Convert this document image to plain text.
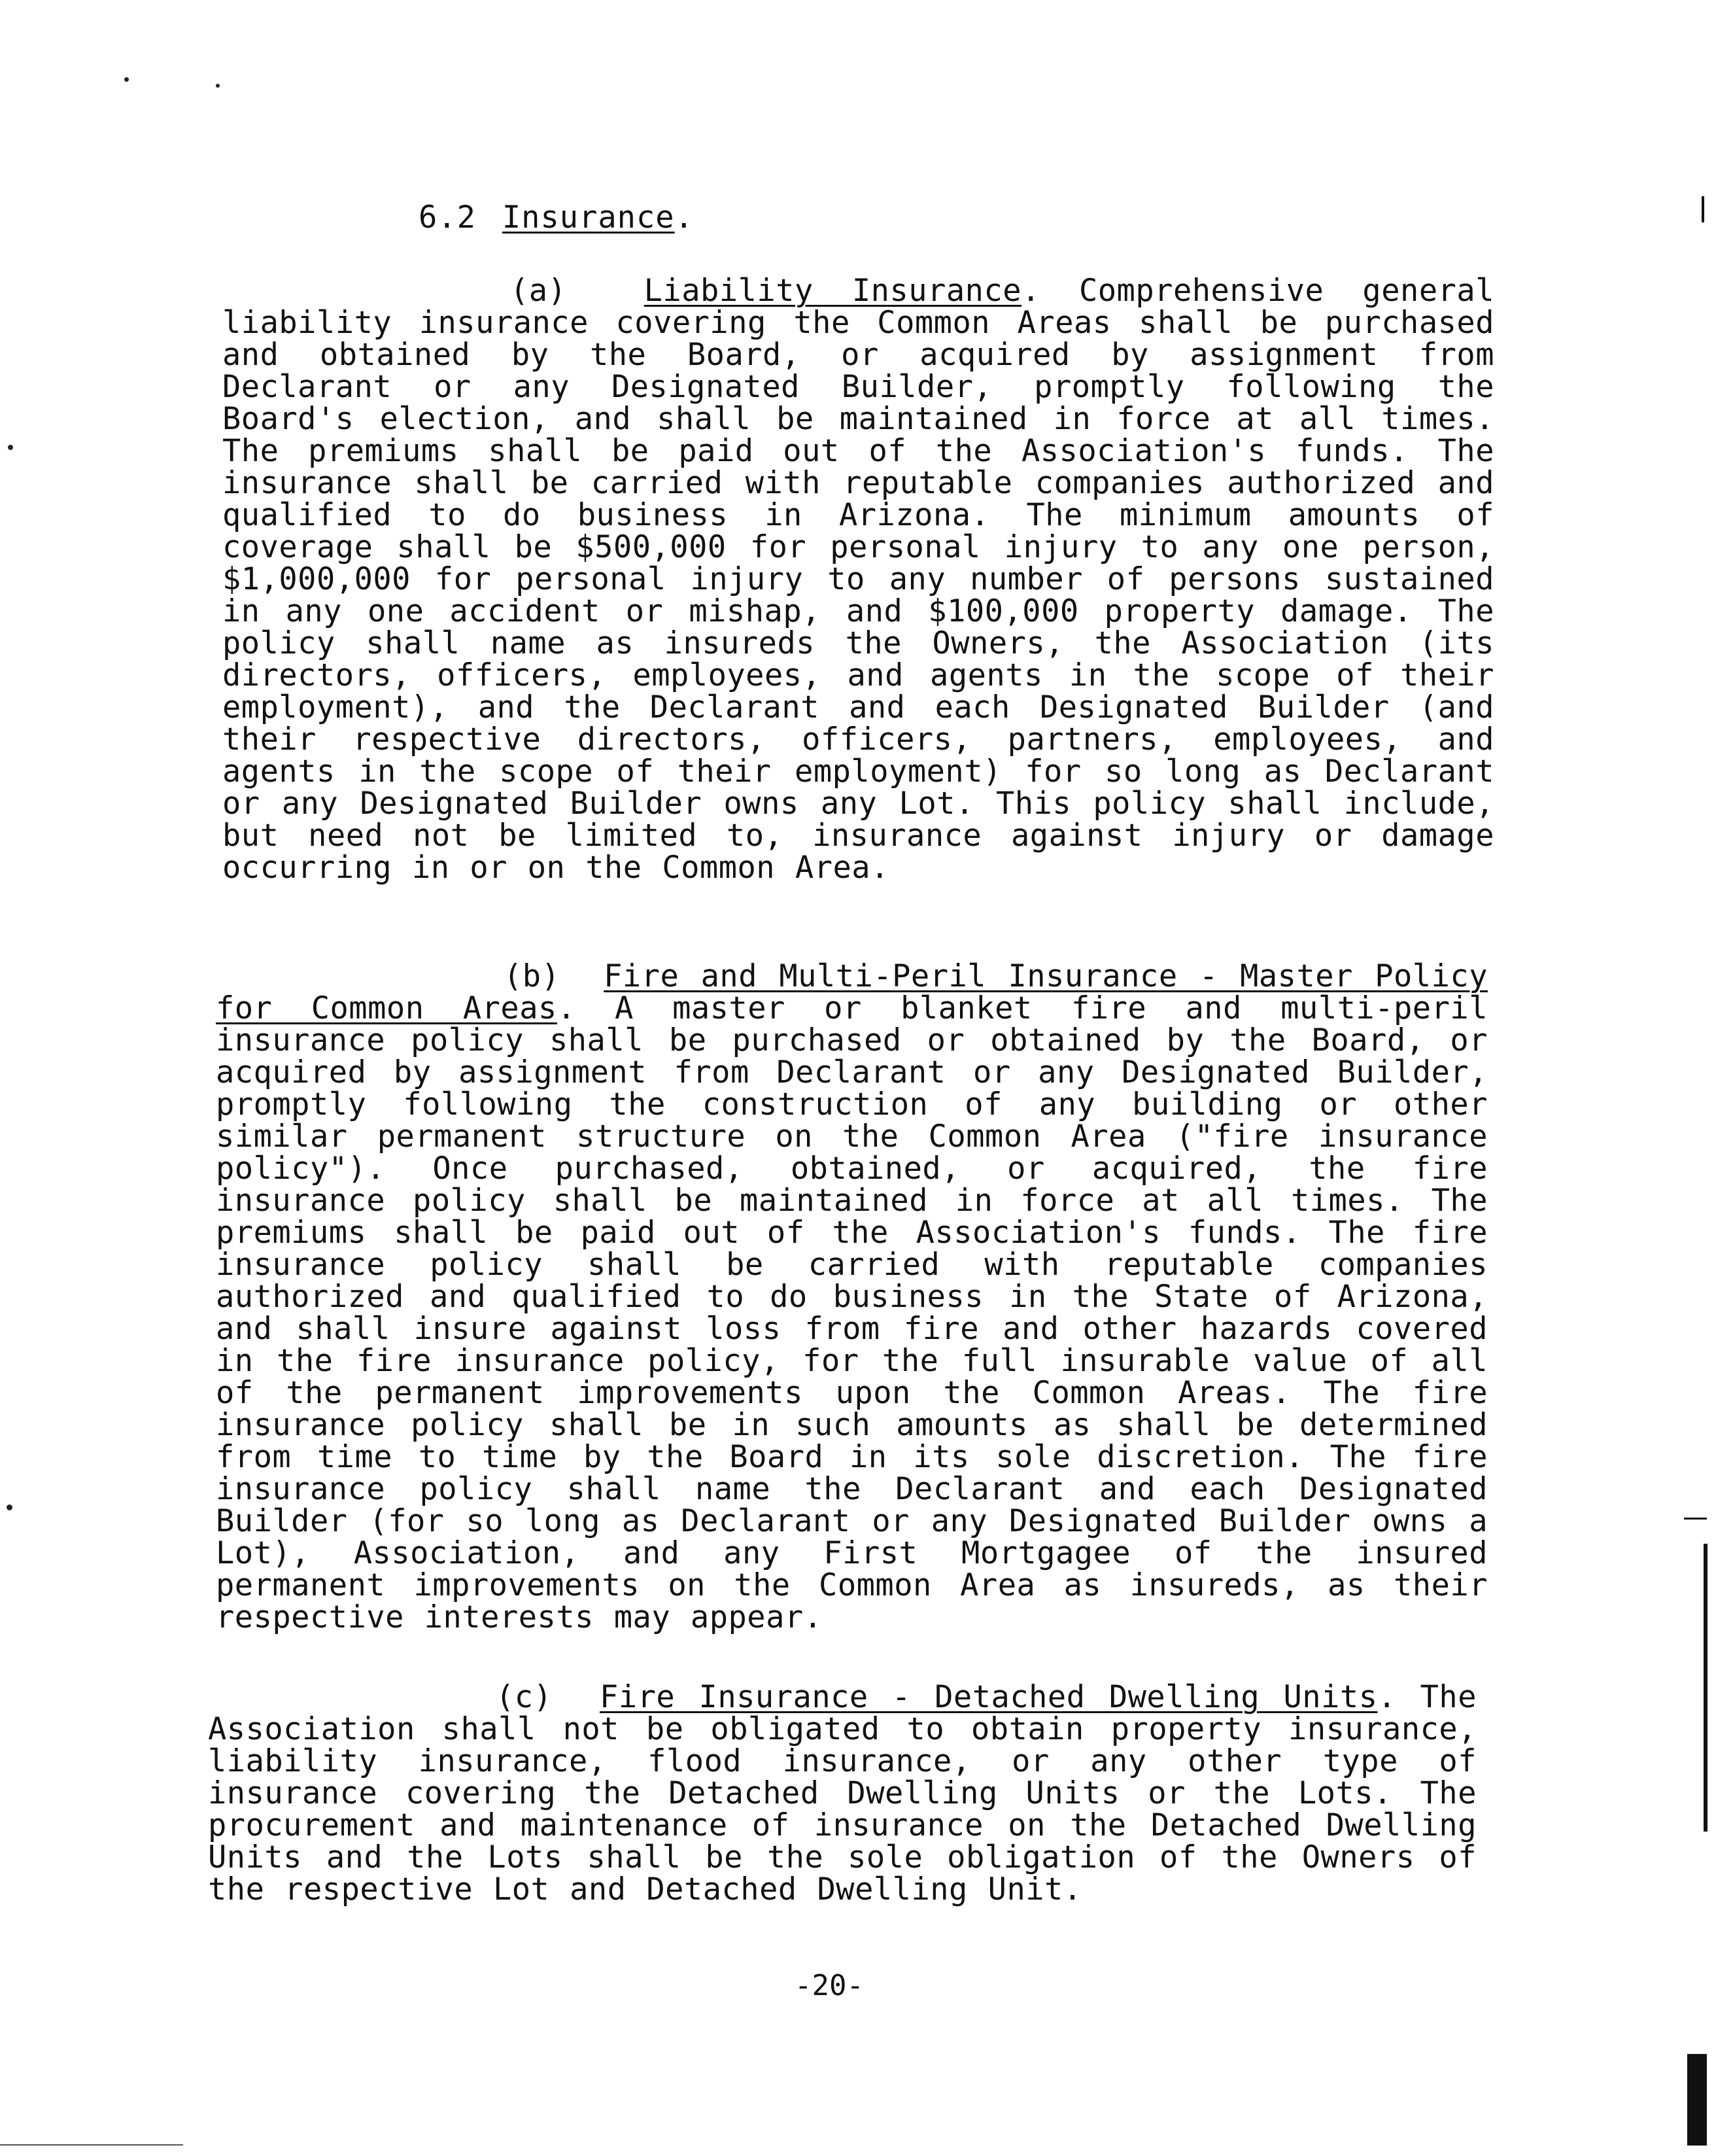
6.2 Insurance.
(a)	Liability Insurance. Comprehensive general liability insurance covering the Common Areas shall be purchased and obtained by the Board, or acquired by assignment from Declarant or any Designated Builder, promptly following the Board's election, and shall be maintained in force at all times. The premiums shall be paid out of the Association's funds. The insurance shall be carried with reputable companies authorized and qualified to do business in Arizona. The minimum amounts of coverage shall be $500,000 for personal injury to any one person, $1,000,000 for personal injury to any number of persons sustained in any one accident or mishap, and $100,000 property damage. The policy shall name as insureds the Owners, the Association (its directors, officers, employees, and agents in the scope of their employment), and the Declarant and each Designated Builder (and their respective directors, officers, partners, employees, and agents in the scope of their employment) for so long as Declarant or any Designated Builder owns any Lot. This policy shall include, but need not be limited to, insurance against injury or damage occurring in or on the Common Area.
(b) Fire and Multi-Peril Insurance - Master Policy for Common Areas. A master or blanket fire and multi-peril insurance policy shall be purchased or obtained by the Board, or acquired by assignment from Declarant or any Designated Builder, promptly following the construction of any building or other similar permanent structure on the Common Area ("fire insurance policy"). Once purchased, obtained, or acquired, the fire insurance policy shall be maintained in force at all times. The premiums shall be paid out of the Association's funds. The fire insurance policy shall be carried with reputable companies authorized and qualified to do business in the State of Arizona, and shall insure against loss from fire and other hazards covered in the fire insurance policy, for the full insurable value of all of the permanent improvements upon the Common Areas. The fire insurance policy shall be in such amounts as shall be determined from time to time by the Board in its sole discretion. The fire insurance policy shall name the Declarant and each Designated Builder (for so long as Declarant or any Designated Builder owns a Lot), Association, and any First Mortgagee of the insured permanent improvements on the Common Area as insureds, as their respective interests may appear.
(c) Fire Insurance - Detached Dwelling Units. The Association shall not be obligated to obtain property insurance, liability insurance, flood insurance, or any other type of insurance covering the Detached Dwelling Units or the Lots. The procurement and maintenance of insurance on the Detached Dwelling Units and the Lots shall be the sole obligation of the Owners of the respective Lot and Detached Dwelling Unit.
-20-
